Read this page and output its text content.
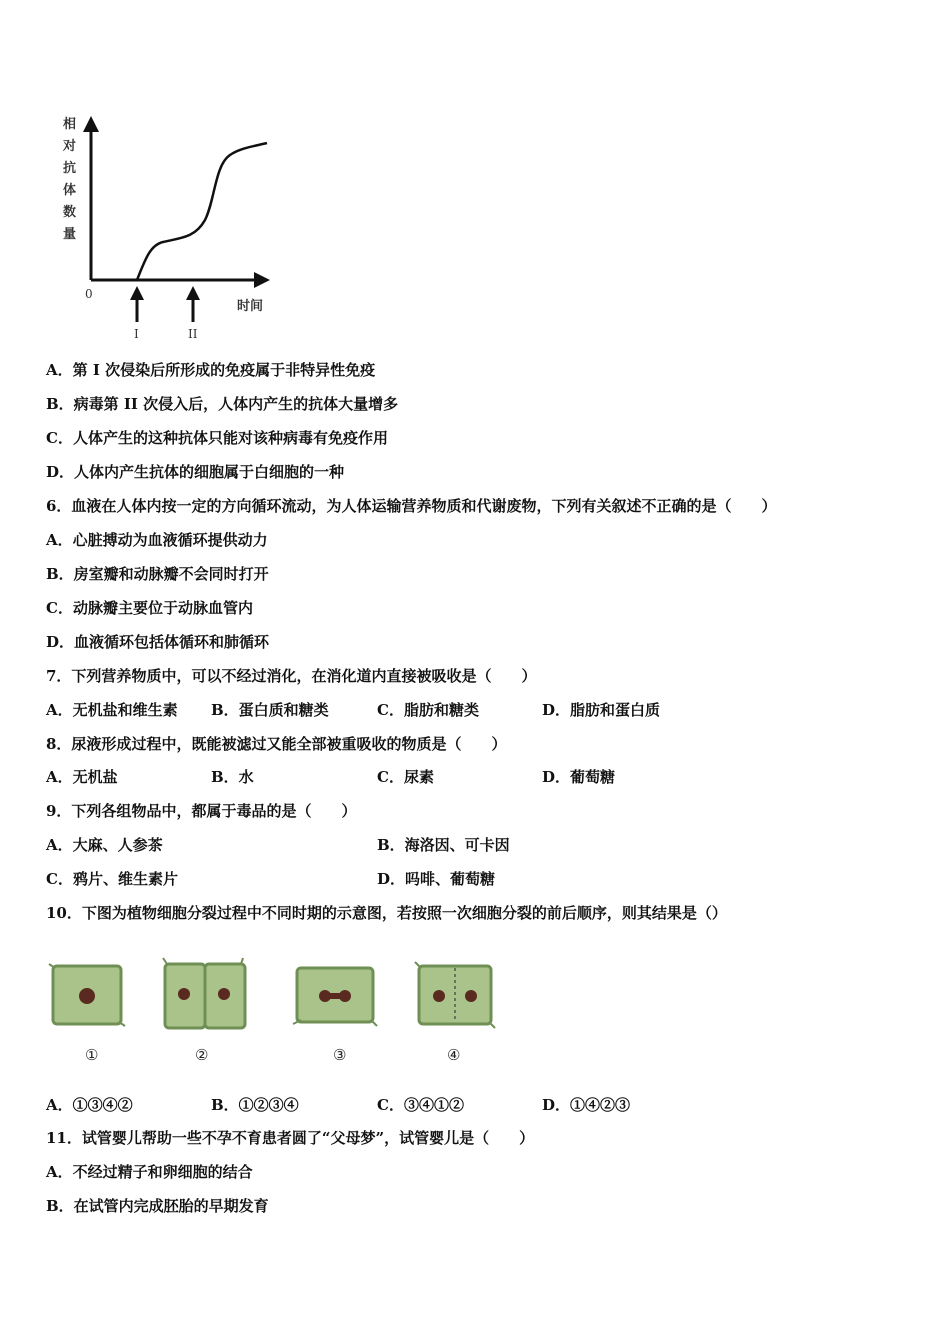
相
对
抗
体
数
量
0
时间
I	II
A．第 I 次侵染后所形成的免疫属于非特异性免疫
B．病毒第 II 次侵入后，人体内产生的抗体大量增多
C．人体产生的这种抗体只能对该种病毒有免疫作用
D．人体内产生抗体的细胞属于白细胞的一种
6．血液在人体内按一定的方向循环流动，为人体运输营养物质和代谢废物，下列有关叙述不正确的是（　　）
A．心脏搏动为血液循环提供动力
B．房室瓣和动脉瓣不会同时打开
C．动脉瓣主要位于动脉血管内
D．血液循环包括体循环和肺循环
7．下列营养物质中，可以不经过消化，在消化道内直接被吸收是（　　）
A．无机盐和维生素 B．蛋白质和糖类	C．脂肪和糖类	D．脂肪和蛋白质
8．尿液形成过程中，既能被滤过又能全部被重吸收的物质是（　　）
A．无机盐	B．水	C．尿素	D．葡萄糖
9．下列各组物品中，都属于毒品的是（　　）
A．大麻、人参茶	B．海洛因、可卡因
C．鸦片、维生素片	D．吗啡、葡萄糖
10．下图为植物细胞分裂过程中不同时期的示意图，若按照一次细胞分裂的前后顺序，则其结果是（）
①	②	③	④
A．①③④②	B．①②③④	C．③④①②	D．①④②③
11．试管婴儿帮助一些不孕不育患者圆了“父母梦”，试管婴儿是（　　）
A．不经过精子和卵细胞的结合
B．在试管内完成胚胎的早期发育
